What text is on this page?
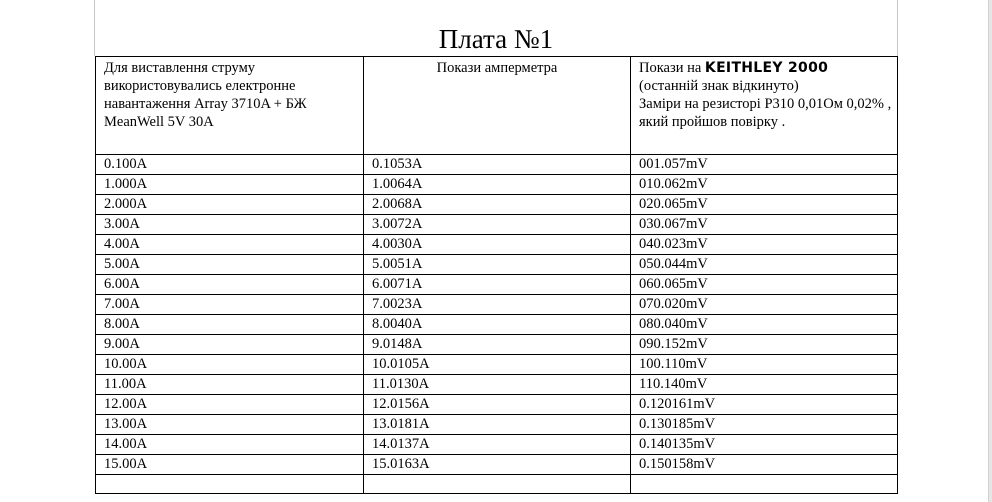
Плата №1
Для виставлення струму використовувались електронне навантаження Array 3710A + БЖ MeanWell 5V 30A	Покази амперметра	Покази на KEITHLEY 2000
(останній знак відкинуто)
Заміри на резисторі Р310 0,01Ом 0,02% , який пройшов повірку .
0.100A	0.1053A	001.057mV
1.000A	1.0064A	010.062mV
2.000A	2.0068A	020.065mV
3.00A	3.0072A	030.067mV
4.00A	4.0030A	040.023mV
5.00A	5.0051A	050.044mV
6.00A	6.0071A	060.065mV
7.00A	7.0023A	070.020mV
8.00A	8.0040A	080.040mV
9.00A	9.0148A	090.152mV
10.00A	10.0105A	100.110mV
11.00A	11.0130A	110.140mV
12.00A	12.0156A	0.120161mV
13.00A	13.0181A	0.130185mV
14.00A	14.0137A	0.140135mV
15.00A	15.0163A	0.150158mV
